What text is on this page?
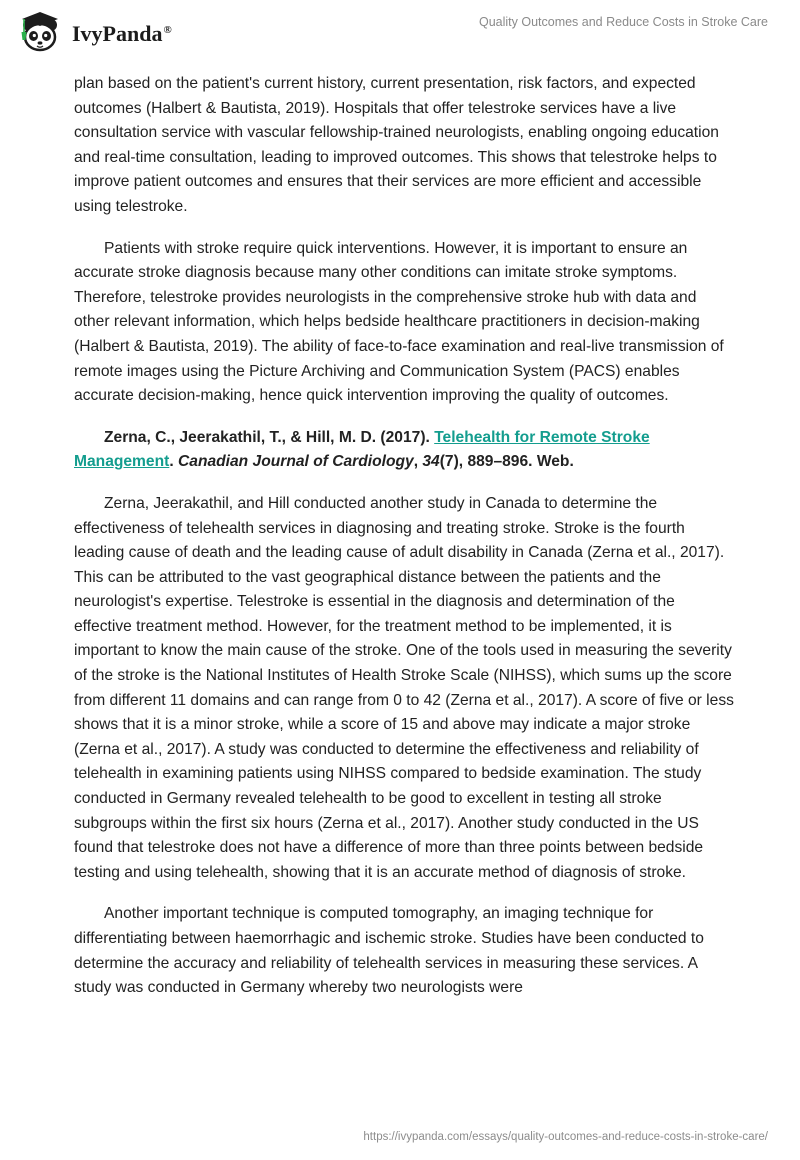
IvyPanda®
Quality Outcomes and Reduce Costs in Stroke Care

plan based on the patient's current history, current presentation, risk factors, and expected outcomes (Halbert & Bautista, 2019). Hospitals that offer telestroke services have a live consultation service with vascular fellowship-trained neurologists, enabling ongoing education and real-time consultation, leading to improved outcomes. This shows that telestroke helps to improve patient outcomes and ensures that their services are more efficient and accessible using telestroke.

Patients with stroke require quick interventions. However, it is important to ensure an accurate stroke diagnosis because many other conditions can imitate stroke symptoms. Therefore, telestroke provides neurologists in the comprehensive stroke hub with data and other relevant information, which helps bedside healthcare practitioners in decision-making (Halbert & Bautista, 2019). The ability of face-to-face examination and real-live transmission of remote images using the Picture Archiving and Communication System (PACS) enables accurate decision-making, hence quick intervention improving the quality of outcomes.

Zerna, C., Jeerakathil, T., & Hill, M. D. (2017). Telehealth for Remote Stroke Management. Canadian Journal of Cardiology, 34(7), 889–896. Web.

Zerna, Jeerakathil, and Hill conducted another study in Canada to determine the effectiveness of telehealth services in diagnosing and treating stroke. Stroke is the fourth leading cause of death and the leading cause of adult disability in Canada (Zerna et al., 2017). This can be attributed to the vast geographical distance between the patients and the neurologist's expertise. Telestroke is essential in the diagnosis and determination of the effective treatment method. However, for the treatment method to be implemented, it is important to know the main cause of the stroke. One of the tools used in measuring the severity of the stroke is the National Institutes of Health Stroke Scale (NIHSS), which sums up the score from different 11 domains and can range from 0 to 42 (Zerna et al., 2017). A score of five or less shows that it is a minor stroke, while a score of 15 and above may indicate a major stroke (Zerna et al., 2017). A study was conducted to determine the effectiveness and reliability of telehealth in examining patients using NIHSS compared to bedside examination. The study conducted in Germany revealed telehealth to be good to excellent in testing all stroke subgroups within the first six hours (Zerna et al., 2017). Another study conducted in the US found that telestroke does not have a difference of more than three points between bedside testing and using telehealth, showing that it is an accurate method of diagnosis of stroke.

Another important technique is computed tomography, an imaging technique for differentiating between haemorrhagic and ischemic stroke. Studies have been conducted to determine the accuracy and reliability of telehealth services in measuring these services. A study was conducted in Germany whereby two neurologists were

https://ivypanda.com/essays/quality-outcomes-and-reduce-costs-in-stroke-care/
